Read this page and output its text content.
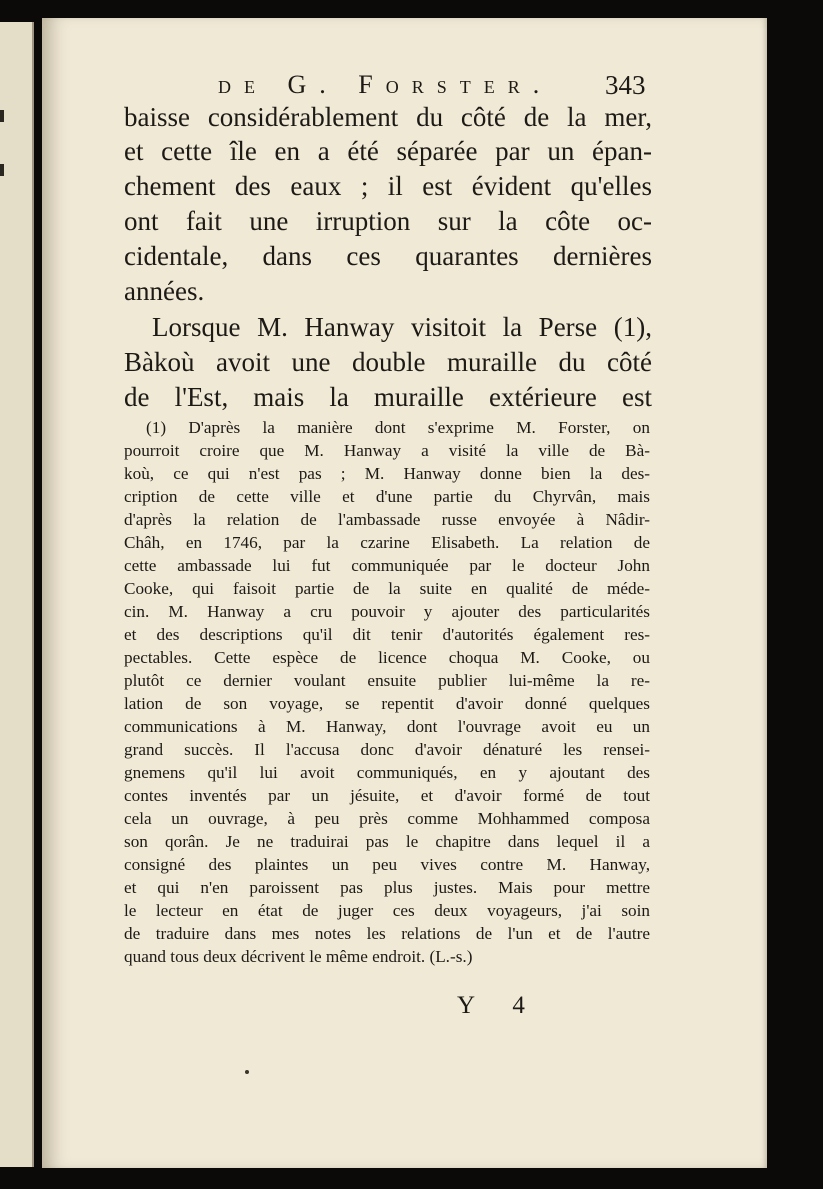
de G. Forster. 343
baisse considérablement du côté de la mer,
et cette île en a été séparée par un épan-
chement des eaux ; il est évident qu'elles
ont fait une irruption sur la côte oc-
cidentale, dans ces quarantes dernières
années.
Lorsque M. Hanway visitoit la Perse (1),
Bàkoù avoit une double muraille du côté
de l'Est, mais la muraille extérieure est
(1) D'après la manière dont s'exprime M. Forster, on
pourroit croire que M. Hanway a visité la ville de Bà-
koù, ce qui n'est pas ; M. Hanway donne bien la des-
cription de cette ville et d'une partie du Chyrvân, mais
d'après la relation de l'ambassade russe envoyée à Nâdir-
Châh, en 1746, par la czarine Elisabeth. La relation de
cette ambassade lui fut communiquée par le docteur John
Cooke, qui faisoit partie de la suite en qualité de méde-
cin. M. Hanway a cru pouvoir y ajouter des particularités
et des descriptions qu'il dit tenir d'autorités également res-
pectables. Cette espèce de licence choqua M. Cooke, ou
plutôt ce dernier voulant ensuite publier lui-même la re-
lation de son voyage, se repentit d'avoir donné quelques
communications à M. Hanway, dont l'ouvrage avoit eu un
grand succès. Il l'accusa donc d'avoir dénaturé les rensei-
gnemens qu'il lui avoit communiqués, en y ajoutant des
contes inventés par un jésuite, et d'avoir formé de tout
cela un ouvrage, à peu près comme Mohhammed composa
son qorân. Je ne traduirai pas le chapitre dans lequel il a
consigné des plaintes un peu vives contre M. Hanway,
et qui n'en paroissent pas plus justes. Mais pour mettre
le lecteur en état de juger ces deux voyageurs, j'ai soin
de traduire dans mes notes les relations de l'un et de l'autre
quand tous deux décrivent le même endroit. (L.-s.)
Y 4
